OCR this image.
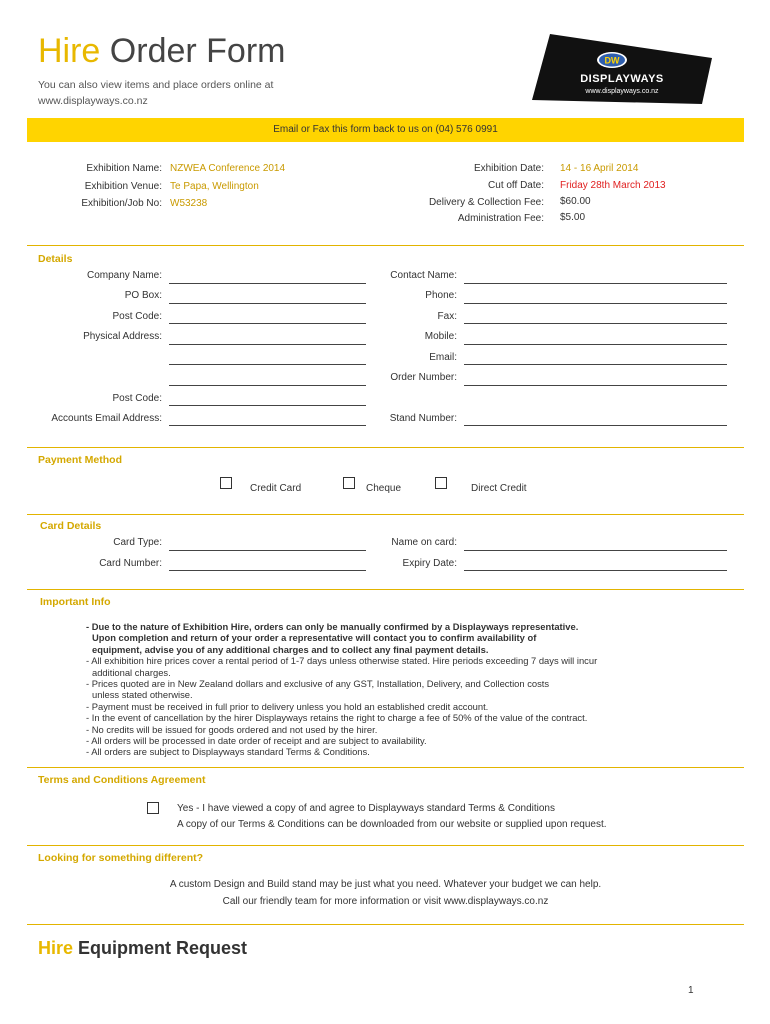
Hire Order Form
You can also view items and place orders online at
www.displayways.co.nz
DW
DISPLAYWAYS
www.displayways.co.nz
Email or Fax this form back to us on (04) 576 0991
Exhibition Name: NZWEA Conference 2014
Exhibition Venue: Te Papa, Wellington
Exhibition/Job No: W53238
Exhibition Date: 14 - 16 April 2014
Cut off Date: Friday 28th March 2013
Delivery & Collection Fee: $60.00
Administration Fee: $5.00
Details
Company Name:
PO Box:
Post Code:
Physical Address:
Post Code:
Accounts Email Address:
Contact Name:
Phone:
Fax:
Mobile:
Email:
Order Number:
Stand Number:
Payment Method
Credit Card	Cheque	Direct Credit
Card Details
Card Type:
Card Number:
Name on card:
Expiry Date:
Important Info
- Due to the nature of Exhibition Hire, orders can only be manually confirmed by a Displayways representative.
Upon completion and return of your order a representative will contact you to confirm availability of
equipment, advise you of any additional charges and to collect any final payment details.
- All exhibition hire prices cover a rental period of 1-7 days unless otherwise stated. Hire periods exceeding 7 days will incur
additional charges.
- Prices quoted are in New Zealand dollars and exclusive of any GST, Installation, Delivery, and Collection costs
unless stated otherwise.
- Payment must be received in full prior to delivery unless you hold an established credit account.
- In the event of cancellation by the hirer Displayways retains the right to charge a fee of 50% of the value of the contract.
- No credits will be issued for goods ordered and not used by the hirer.
- All orders will be processed in date order of receipt and are subject to availability.
- All orders are subject to Displayways standard Terms & Conditions.
Terms and Conditions Agreement
Yes - I have viewed a copy of and agree to Displayways standard Terms & Conditions
A copy of our Terms & Conditions can be downloaded from our website or supplied upon request.
Looking for something different?
A custom Design and Build stand may be just what you need. Whatever your budget we can help.
Call our friendly team for more information or visit www.displayways.co.nz
Hire Equipment Request
1
